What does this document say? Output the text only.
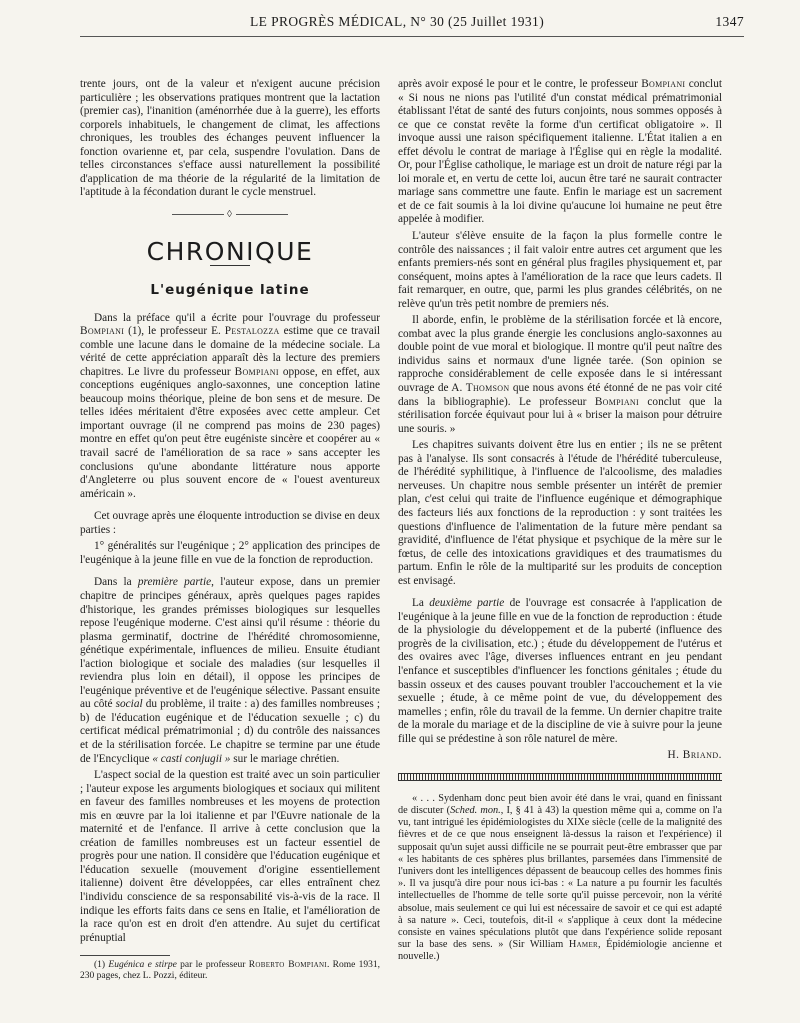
LE PROGRÈS MÉDICAL, N° 30 (25 Juillet 1931)	1347

trente jours, ont de la valeur et n'exigent aucune précision particulière ; les observations pratiques montrent que la lactation (premier cas), l'inanition (aménorrhée due à la guerre), les efforts corporels inhabituels, le changement de climat, les affections chroniques, les troubles des échanges peuvent influencer la fonction ovarienne et, par cela, suspendre l'ovulation. Dans de telles circonstances s'efface aussi naturellement la possibilité d'application de ma théorie de la régularité de la limitation de l'aptitude à la fécondation durant le cycle menstruel.

◊
CHRONIQUE
L'eugénique latine

Dans la préface qu'il a écrite pour l'ouvrage du professeur Bompiani (1), le professeur E. Pestalozza estime que ce travail comble une lacune dans le domaine de la médecine sociale. La vérité de cette appréciation apparaît dès la lecture des premiers chapitres. Le livre du professeur Bompiani oppose, en effet, aux conceptions eugéniques anglo-saxonnes, une conception latine beaucoup moins théorique, pleine de bon sens et de mesure. De telles idées méritaient d'être exposées avec cette ampleur. Cet important ouvrage (il ne comprend pas moins de 230 pages) montre en effet qu'on peut être eugéniste sincère et coopérer au « travail sacré de l'amélioration de sa race » sans accepter les conclusions qu'une abondante littérature nous apporte d'Angleterre ou plus souvent encore de « l'ouest aventureux américain ».

Cet ouvrage après une éloquente introduction se divise en deux parties :

1° généralités sur l'eugénique ; 2° application des principes de l'eugénique à la jeune fille en vue de la fonction de reproduction.

Dans la première partie, l'auteur expose, dans un premier chapitre de principes généraux, après quelques pages rapides d'historique, les grandes prémisses biologiques sur lesquelles repose l'eugénique moderne. C'est ainsi qu'il résume : théorie du plasma germinatif, doctrine de l'hérédité chromosomienne, génétique expérimentale, influences de milieu. Ensuite étudiant l'action biologique et sociale des maladies (sur lesquelles il reviendra plus loin en détail), il oppose les principes de l'eugénique préventive et de l'eugénique sélective. Passant ensuite au côté social du problème, il traite : a) des familles nombreuses ; b) de l'éducation eugénique et de l'éducation sexuelle ; c) du certificat médical prématrimonial ; d) du contrôle des naissances et de la stérilisation forcée. Le chapitre se termine par une étude de l'Encyclique « casti conjugii » sur le mariage chrétien.

L'aspect social de la question est traité avec un soin particulier ; l'auteur expose les arguments biologiques et sociaux qui militent en faveur des familles nombreuses et les moyens de protection mis en œuvre par la loi italienne et par l'Œuvre nationale de la maternité et de l'enfance. Il arrive à cette conclusion que la création de familles nombreuses est un facteur essentiel de progrès pour une nation. Il considère que l'éducation eugénique et l'éducation sexuelle (mouvement d'origine essentiellement italienne) doivent être développées, car elles entraînent chez l'individu conscience de sa responsabilité vis-à-vis de la race. Il indique les efforts faits dans ce sens en Italie, et l'amélioration de la race qu'on est en droit d'en attendre. Au sujet du certificat prénuptial

(1) Eugénica e stirpe par le professeur Roberto Bompiani. Rome 1931, 230 pages, chez L. Pozzi, éditeur.

après avoir exposé le pour et le contre, le professeur Bompiani conclut « Si nous ne nions pas l'utilité d'un constat médical prématrimonial établissant l'état de santé des futurs conjoints, nous sommes opposés à ce que ce constat revête la forme d'un certificat obligatoire ». Il invoque aussi une raison spécifiquement italienne. L'État italien a en effet dévolu le contrat de mariage à l'Église qui en règle la modalité. Or, pour l'Église catholique, le mariage est un droit de nature régi par la loi morale et, en vertu de cette loi, aucun être taré ne saurait contracter mariage sans commettre une faute. Enfin le mariage est un sacrement et de ce fait soumis à la loi divine qu'aucune loi humaine ne peut être appelée à modifier.

L'auteur s'élève ensuite de la façon la plus formelle contre le contrôle des naissances ; il fait valoir entre autres cet argument que les enfants premiers-nés sont en général plus fragiles physiquement et, par conséquent, moins aptes à l'amélioration de la race que leurs cadets. Il fait remarquer, en outre, que, parmi les plus grandes célébrités, on ne relève qu'un très petit nombre de premiers nés.

Il aborde, enfin, le problème de la stérilisation forcée et là encore, combat avec la plus grande énergie les conclusions anglo-saxonnes au double point de vue moral et biologique. Il montre qu'il peut naître des individus sains et normaux d'une lignée tarée. (Son opinion se rapproche considérablement de celle exposée dans le si intéressant ouvrage de A. Thomson que nous avons été étonné de ne pas voir cité dans la bibliographie). Le professeur Bompiani conclut que la stérilisation forcée équivaut pour lui à « briser la maison pour détruire une souris. »

Les chapitres suivants doivent être lus en entier ; ils ne se prêtent pas à l'analyse. Ils sont consacrés à l'étude de l'hérédité tuberculeuse, de l'hérédité syphilitique, à l'influence de l'alcoolisme, des maladies nerveuses. Un chapitre nous semble présenter un intérêt de premier plan, c'est celui qui traite de l'influence eugénique et démographique des facteurs liés aux fonctions de la reproduction : y sont traitées les questions d'influence de l'alimentation de la future mère pendant sa gravidité, d'influence de l'état physique et psychique de la mère sur le fœtus, de celle des intoxications gravidiques et des traumatismes du partum. Enfin le rôle de la multiparité sur les produits de conception est envisagé.

La deuxième partie de l'ouvrage est consacrée à l'application de l'eugénique à la jeune fille en vue de la fonction de reproduction : étude de la physiologie du développement et de la puberté (influence des progrès de la civilisation, etc.) ; étude du développement de l'utérus et des ovaires avec l'âge, diverses influences entrant en jeu pendant l'enfance et susceptibles d'influencer les fonctions génitales ; étude du bassin osseux et des causes pouvant troubler l'accouchement et la vie sexuelle ; étude, à ce même point de vue, du développement des mamelles ; enfin, rôle du travail de la femme. Un dernier chapitre traite de la morale du mariage et de la discipline de vie à suivre pour la jeune fille qui se prédestine à son rôle naturel de mère.

H. Briand.

« . . . Sydenham donc peut bien avoir été dans le vrai, quand en finissant de discuter (Sched. mon., I, § 41 à 43) la question même qui a, comme on l'a vu, tant intrigué les épidémiologistes du XIXe siècle (celle de la malignité des fièvres et de ce que nous enseignent là-dessus la raison et l'expérience) il supposait qu'un sujet aussi difficile ne se pourrait peut-être embrasser que par « les habitants de ces sphères plus brillantes, parsemées dans l'immensité de l'univers dont les intelligences dépassent de beaucoup celles des hommes finis ». Il va jusqu'à dire pour nous ici-bas : « La nature a pu fournir les facultés intellectuelles de l'homme de telle sorte qu'il puisse percevoir, non la vérité absolue, mais seulement ce qui lui est nécessaire de savoir et ce qui est adapté à sa nature ». Ceci, toutefois, dit-il « s'applique à ceux dont la médecine consiste en vaines spéculations plutôt que dans l'expérience solide reposant sur la base des sens. » (Sir William Hamer, Épidémiologie ancienne et nouvelle.)
